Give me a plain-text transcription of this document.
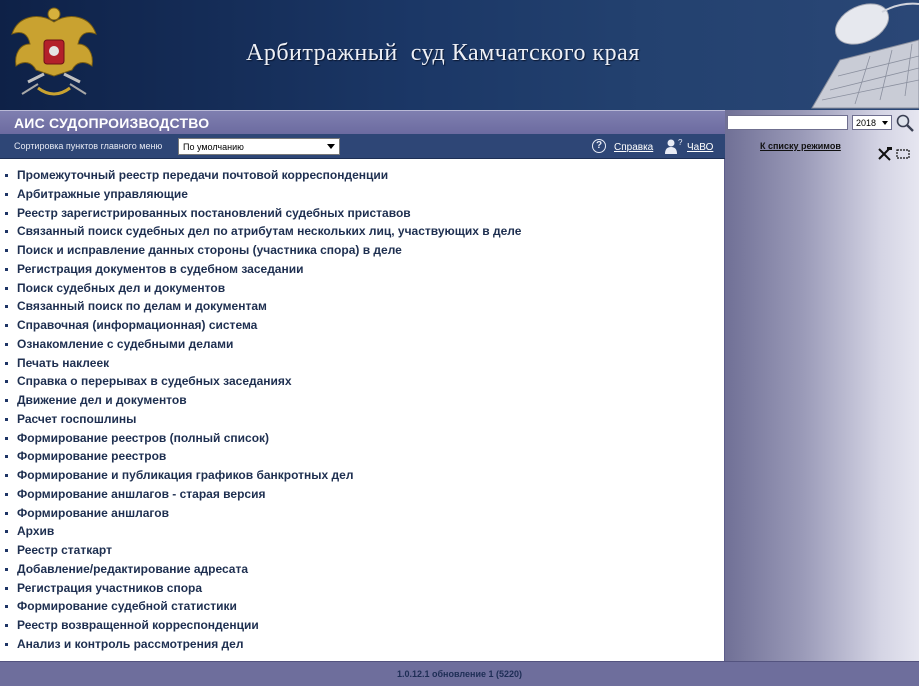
Арбитражный  суд Камчатского края
АИС СУДОПРОИЗВОДСТВО
Сортировка пунктов главного меню По умолчанию	?	Справка	? ЧаВО
Промежуточный реестр передачи почтовой корреспонденции
Арбитражные управляющие
Реестр зарегистрированных постановлений судебных приставов
Связанный поиск судебных дел по атрибутам нескольких лиц, участвующих в деле
Поиск и исправление данных стороны (участника спора) в деле
Регистрация документов в судебном заседании
Поиск судебных дел и документов
Связанный поиск по делам и документам
Справочная (информационная) система
Ознакомление с судебными делами
Печать наклеек
Справка о перерывах в судебных заседаниях
Движение дел и документов
Расчет госпошлины
Формирование реестров (полный список)
Формирование реестров
Формирование и публикация графиков банкротных дел
Формирование аншлагов - старая версия
Формирование аншлагов
Архив
Реестр статкарт
Добавление/редактирование адресата
Регистрация участников спора
Формирование судебной статистики
Реестр возвращенной корреспонденции
Анализ и контроль рассмотрения дел
2018
К списку режимов
1.0.12.1 обновление 1 (5220)
